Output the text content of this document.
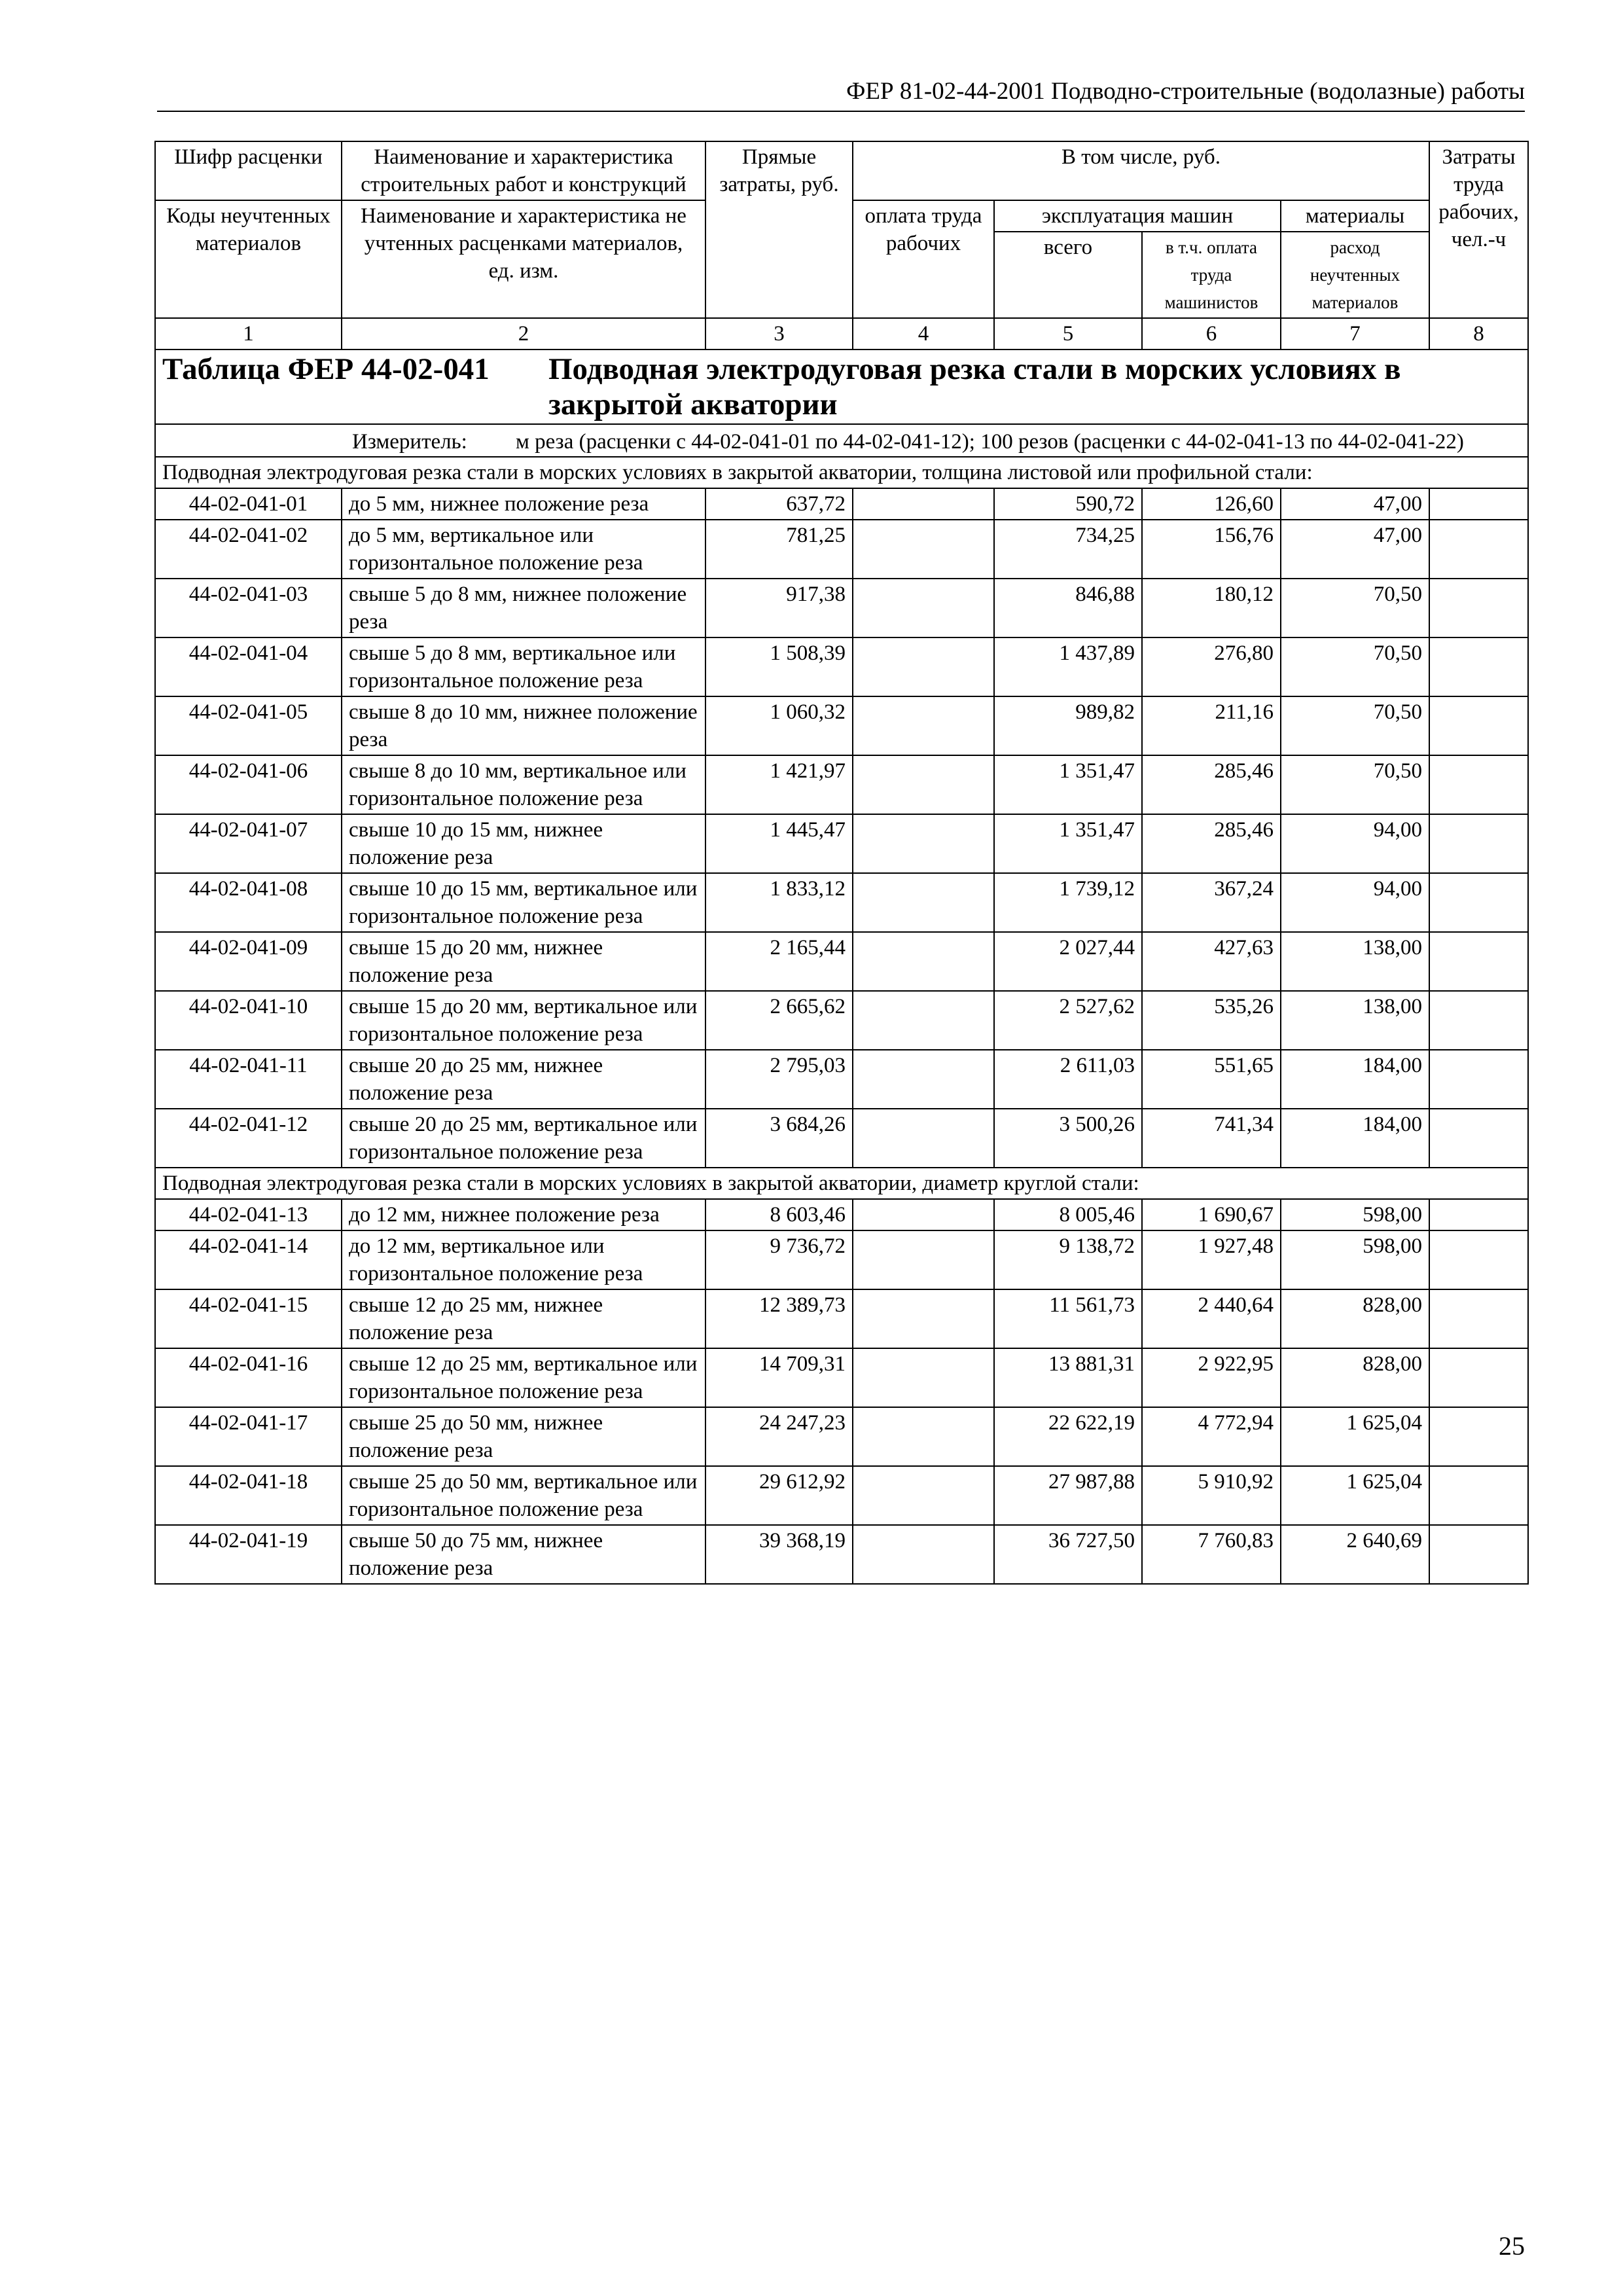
ФЕР 81-02-44-2001 Подводно-строительные (водолазные) работы
Шифр расценки	Наименование и характеристика строительных работ и конструкций	Прямые затраты, руб.	В том числе, руб.				Затраты труда рабочих, чел.-ч
Коды неучтенных материалов	Наименование и характеристика не учтенных расценками материалов, ед. изм.		оплата труда рабочих	эксплуатация машин		материалы	
				всего	в т.ч. оплата труда машинистов	расход неучтенных материалов	
1	2	3	4	5	6	7	8

Таблица ФЕР 44-02-041 Подводная электродуговая резка стали в морских условиях в закрытой акватории							

Измеритель: м реза (расценки с 44-02-041-01 по 44-02-041-12); 100 резов (расценки с 44-02-041-13 по 44-02-041-22)							

Подводная электродуговая резка стали в морских условиях в закрытой акватории, толщина листовой или профильной стали:							
44-02-041-01	до 5 мм, нижнее положение реза	637,72		590,72	126,60	47,00	
44-02-041-02	до 5 мм, вертикальное или горизонтальное положение реза	781,25		734,25	156,76	47,00	
44-02-041-03	свыше 5 до 8 мм, нижнее положение реза	917,38		846,88	180,12	70,50	
44-02-041-04	свыше 5 до 8 мм, вертикальное или горизонтальное положение реза	1 508,39		1 437,89	276,80	70,50	
44-02-041-05	свыше 8 до 10 мм, нижнее положение реза	1 060,32		989,82	211,16	70,50	
44-02-041-06	свыше 8 до 10 мм, вертикальное или горизонтальное положение реза	1 421,97		1 351,47	285,46	70,50	
44-02-041-07	свыше 10 до 15 мм, нижнее положение реза	1 445,47		1 351,47	285,46	94,00	
44-02-041-08	свыше 10 до 15 мм, вертикальное или горизонтальное положение реза	1 833,12		1 739,12	367,24	94,00	
44-02-041-09	свыше 15 до 20 мм, нижнее положение реза	2 165,44		2 027,44	427,63	138,00	
44-02-041-10	свыше 15 до 20 мм, вертикальное или горизонтальное положение реза	2 665,62		2 527,62	535,26	138,00	
44-02-041-11	свыше 20 до 25 мм, нижнее положение реза	2 795,03		2 611,03	551,65	184,00	
44-02-041-12	свыше 20 до 25 мм, вертикальное или горизонтальное положение реза	3 684,26		3 500,26	741,34	184,00	
Подводная электродуговая резка стали в морских условиях в закрытой акватории, диаметр круглой стали:							
44-02-041-13	до 12 мм, нижнее положение реза	8 603,46		8 005,46	1 690,67	598,00	
44-02-041-14	до 12 мм, вертикальное или горизонтальное положение реза	9 736,72		9 138,72	1 927,48	598,00	
44-02-041-15	свыше 12 до 25 мм, нижнее положение реза	12 389,73		11 561,73	2 440,64	828,00	
44-02-041-16	свыше 12 до 25 мм, вертикальное или горизонтальное положение реза	14 709,31		13 881,31	2 922,95	828,00	
44-02-041-17	свыше 25 до 50 мм, нижнее положение реза	24 247,23		22 622,19	4 772,94	1 625,04	
44-02-041-18	свыше 25 до 50 мм, вертикальное или горизонтальное положение реза	29 612,92		27 987,88	5 910,92	1 625,04	
44-02-041-19	свыше 50 до 75 мм, нижнее положение реза	39 368,19		36 727,50	7 760,83	2 640,69	
25
